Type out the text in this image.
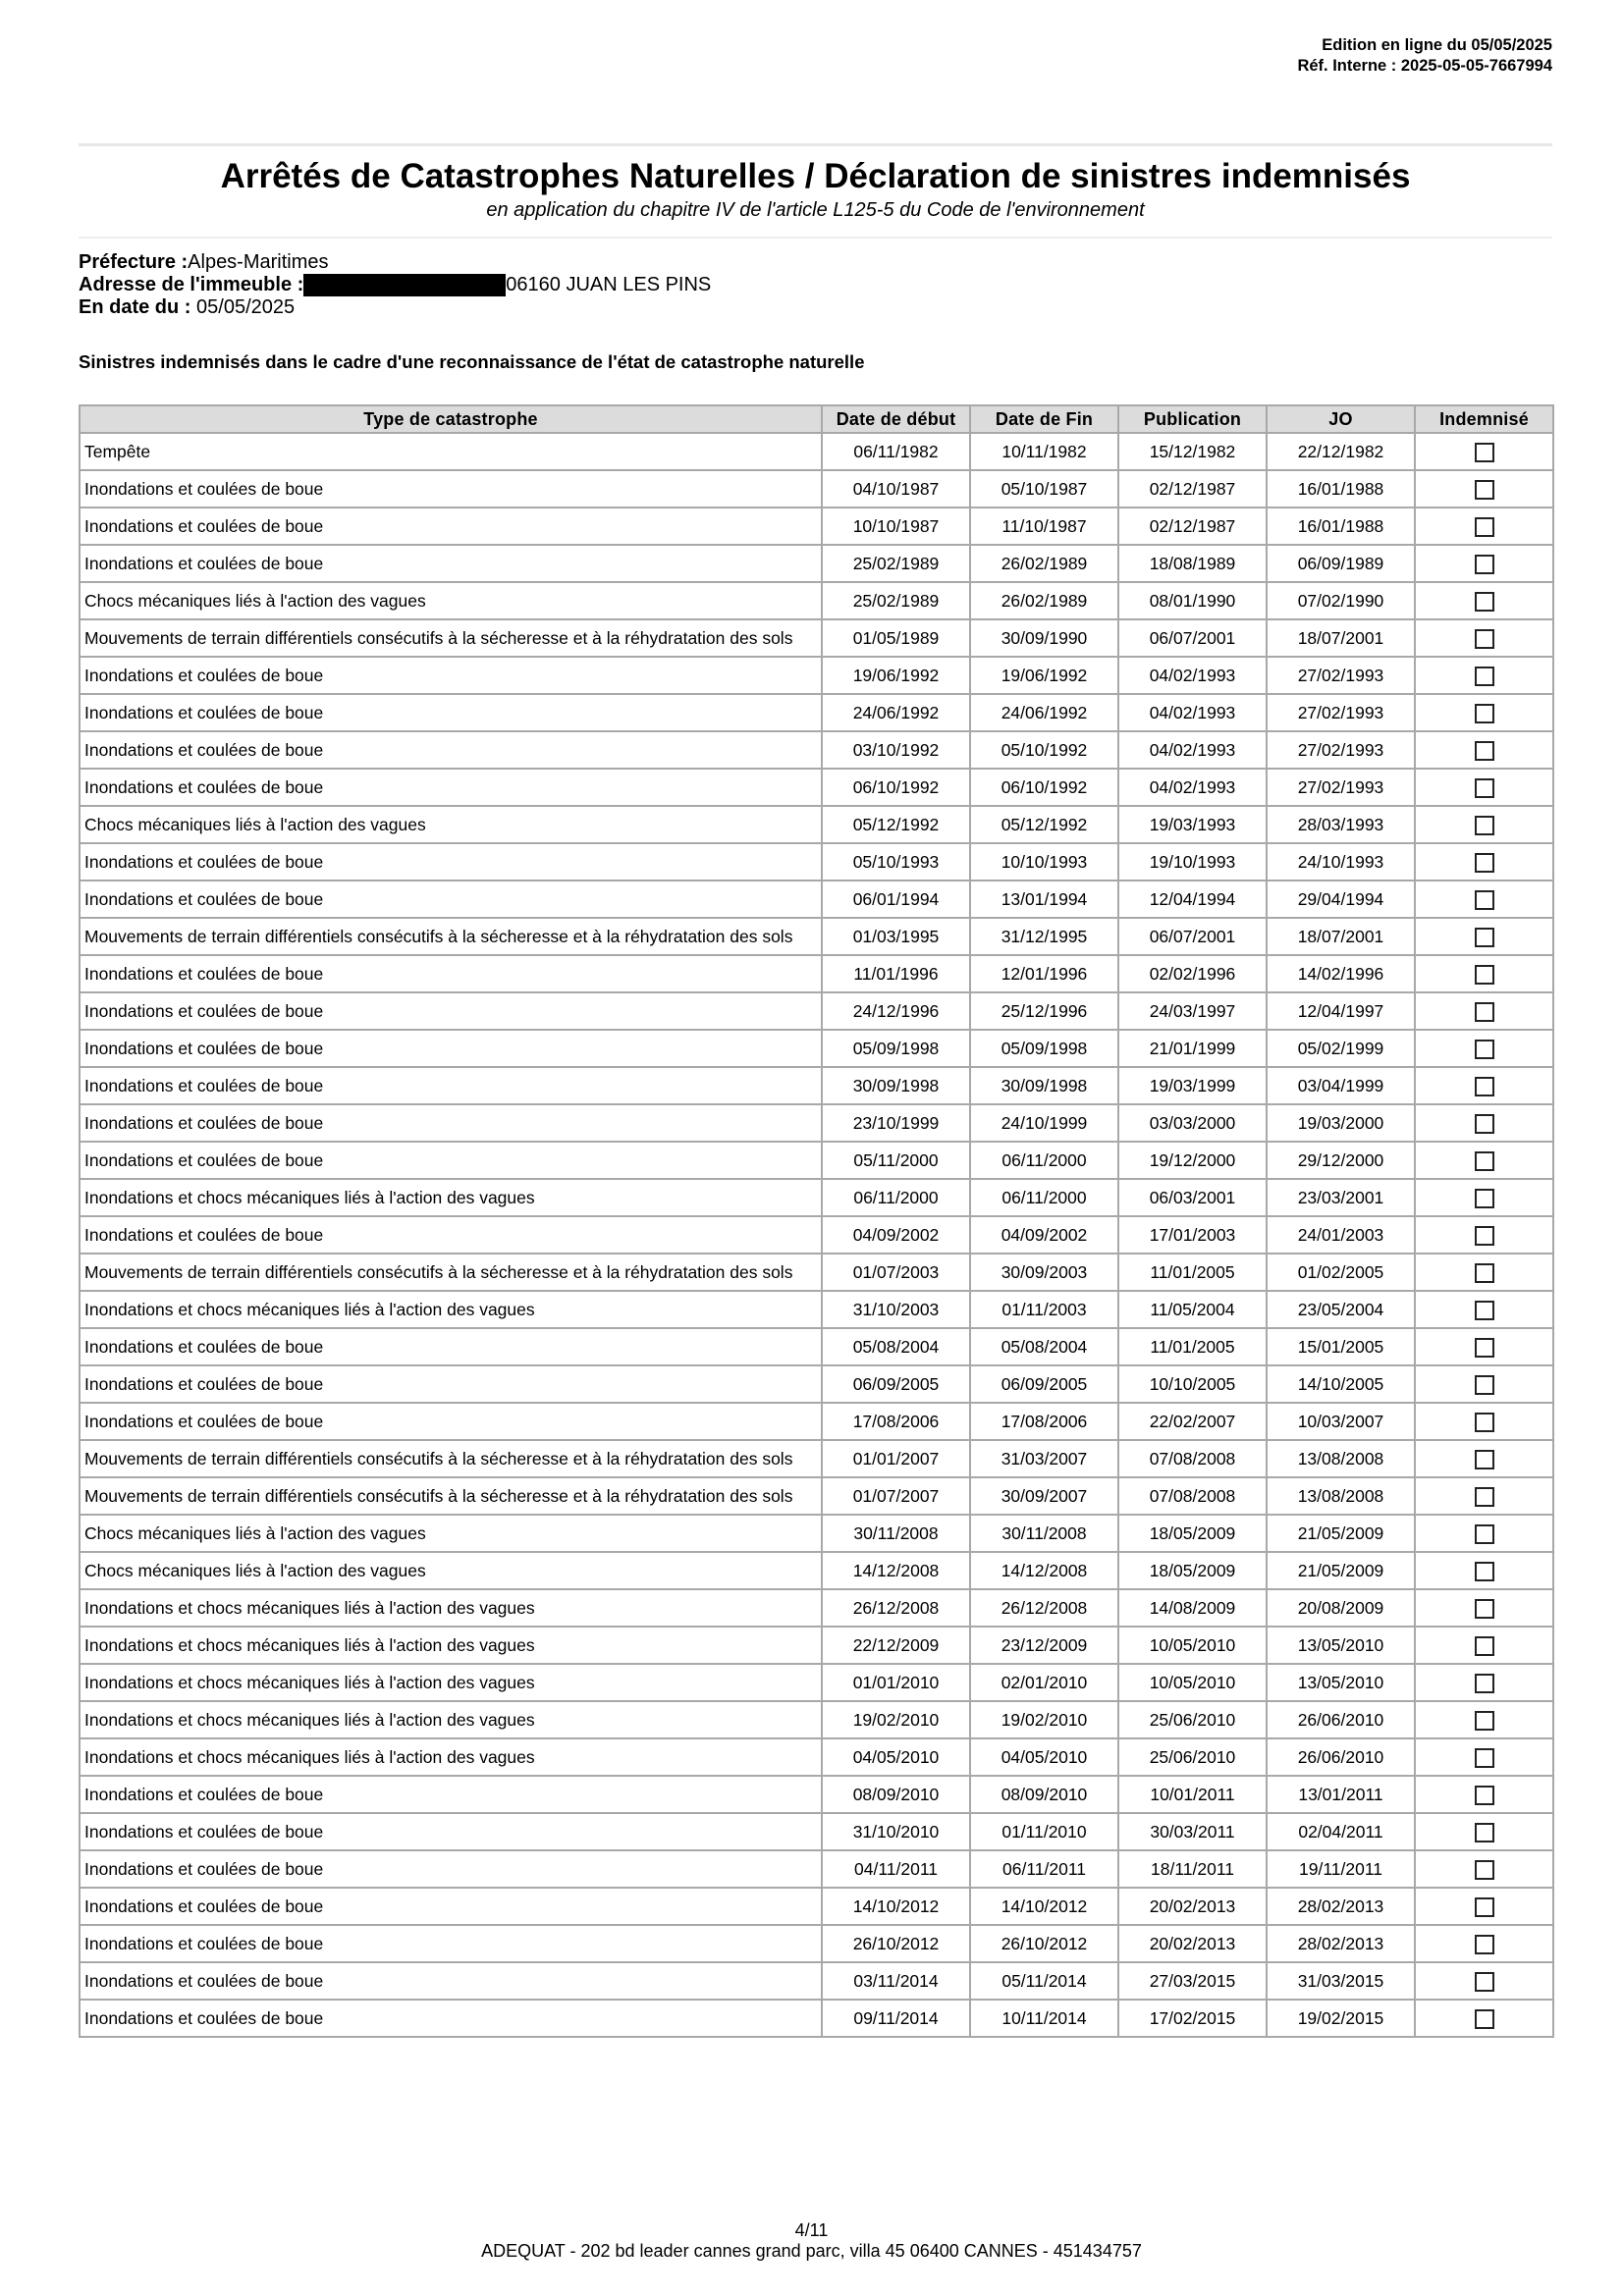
Edition en ligne du 05/05/2025
Réf. Interne : 2025-05-05-7667994
Arrêtés de Catastrophes Naturelles / Déclaration de sinistres indemnisés
en application du chapitre IV de l'article L125-5 du Code de l'environnement
Préfecture :Alpes-Maritimes
Adresse de l'immeuble :	06160 JUAN LES PINS
En date du : 05/05/2025
Sinistres indemnisés dans le cadre d'une reconnaissance de l'état de catastrophe naturelle
Type de catastrophe	Date de début	Date de Fin	Publication	JO	Indemnisé
Tempête	06/11/1982	10/11/1982	15/12/1982	22/12/1982	
Inondations et coulées de boue	04/10/1987	05/10/1987	02/12/1987	16/01/1988	
Inondations et coulées de boue	10/10/1987	11/10/1987	02/12/1987	16/01/1988	
Inondations et coulées de boue	25/02/1989	26/02/1989	18/08/1989	06/09/1989	
Chocs mécaniques liés à l'action des vagues	25/02/1989	26/02/1989	08/01/1990	07/02/1990	
Mouvements de terrain différentiels consécutifs à la sécheresse et à la réhydratation des sols	01/05/1989	30/09/1990	06/07/2001	18/07/2001	
Inondations et coulées de boue	19/06/1992	19/06/1992	04/02/1993	27/02/1993	
Inondations et coulées de boue	24/06/1992	24/06/1992	04/02/1993	27/02/1993	
Inondations et coulées de boue	03/10/1992	05/10/1992	04/02/1993	27/02/1993	
Inondations et coulées de boue	06/10/1992	06/10/1992	04/02/1993	27/02/1993	
Chocs mécaniques liés à l'action des vagues	05/12/1992	05/12/1992	19/03/1993	28/03/1993	
Inondations et coulées de boue	05/10/1993	10/10/1993	19/10/1993	24/10/1993	
Inondations et coulées de boue	06/01/1994	13/01/1994	12/04/1994	29/04/1994	
Mouvements de terrain différentiels consécutifs à la sécheresse et à la réhydratation des sols	01/03/1995	31/12/1995	06/07/2001	18/07/2001	
Inondations et coulées de boue	11/01/1996	12/01/1996	02/02/1996	14/02/1996	
Inondations et coulées de boue	24/12/1996	25/12/1996	24/03/1997	12/04/1997	
Inondations et coulées de boue	05/09/1998	05/09/1998	21/01/1999	05/02/1999	
Inondations et coulées de boue	30/09/1998	30/09/1998	19/03/1999	03/04/1999	
Inondations et coulées de boue	23/10/1999	24/10/1999	03/03/2000	19/03/2000	
Inondations et coulées de boue	05/11/2000	06/11/2000	19/12/2000	29/12/2000	
Inondations et chocs mécaniques liés à l'action des vagues	06/11/2000	06/11/2000	06/03/2001	23/03/2001	
Inondations et coulées de boue	04/09/2002	04/09/2002	17/01/2003	24/01/2003	
Mouvements de terrain différentiels consécutifs à la sécheresse et à la réhydratation des sols	01/07/2003	30/09/2003	11/01/2005	01/02/2005	
Inondations et chocs mécaniques liés à l'action des vagues	31/10/2003	01/11/2003	11/05/2004	23/05/2004	
Inondations et coulées de boue	05/08/2004	05/08/2004	11/01/2005	15/01/2005	
Inondations et coulées de boue	06/09/2005	06/09/2005	10/10/2005	14/10/2005	
Inondations et coulées de boue	17/08/2006	17/08/2006	22/02/2007	10/03/2007	
Mouvements de terrain différentiels consécutifs à la sécheresse et à la réhydratation des sols	01/01/2007	31/03/2007	07/08/2008	13/08/2008	
Mouvements de terrain différentiels consécutifs à la sécheresse et à la réhydratation des sols	01/07/2007	30/09/2007	07/08/2008	13/08/2008	
Chocs mécaniques liés à l'action des vagues	30/11/2008	30/11/2008	18/05/2009	21/05/2009	
Chocs mécaniques liés à l'action des vagues	14/12/2008	14/12/2008	18/05/2009	21/05/2009	
Inondations et chocs mécaniques liés à l'action des vagues	26/12/2008	26/12/2008	14/08/2009	20/08/2009	
Inondations et chocs mécaniques liés à l'action des vagues	22/12/2009	23/12/2009	10/05/2010	13/05/2010	
Inondations et chocs mécaniques liés à l'action des vagues	01/01/2010	02/01/2010	10/05/2010	13/05/2010	
Inondations et chocs mécaniques liés à l'action des vagues	19/02/2010	19/02/2010	25/06/2010	26/06/2010	
Inondations et chocs mécaniques liés à l'action des vagues	04/05/2010	04/05/2010	25/06/2010	26/06/2010	
Inondations et coulées de boue	08/09/2010	08/09/2010	10/01/2011	13/01/2011	
Inondations et coulées de boue	31/10/2010	01/11/2010	30/03/2011	02/04/2011	
Inondations et coulées de boue	04/11/2011	06/11/2011	18/11/2011	19/11/2011	
Inondations et coulées de boue	14/10/2012	14/10/2012	20/02/2013	28/02/2013	
Inondations et coulées de boue	26/10/2012	26/10/2012	20/02/2013	28/02/2013	
Inondations et coulées de boue	03/11/2014	05/11/2014	27/03/2015	31/03/2015	
Inondations et coulées de boue	09/11/2014	10/11/2014	17/02/2015	19/02/2015	
4/11
ADEQUAT - 202 bd leader cannes grand parc, villa 45 06400 CANNES - 451434757
